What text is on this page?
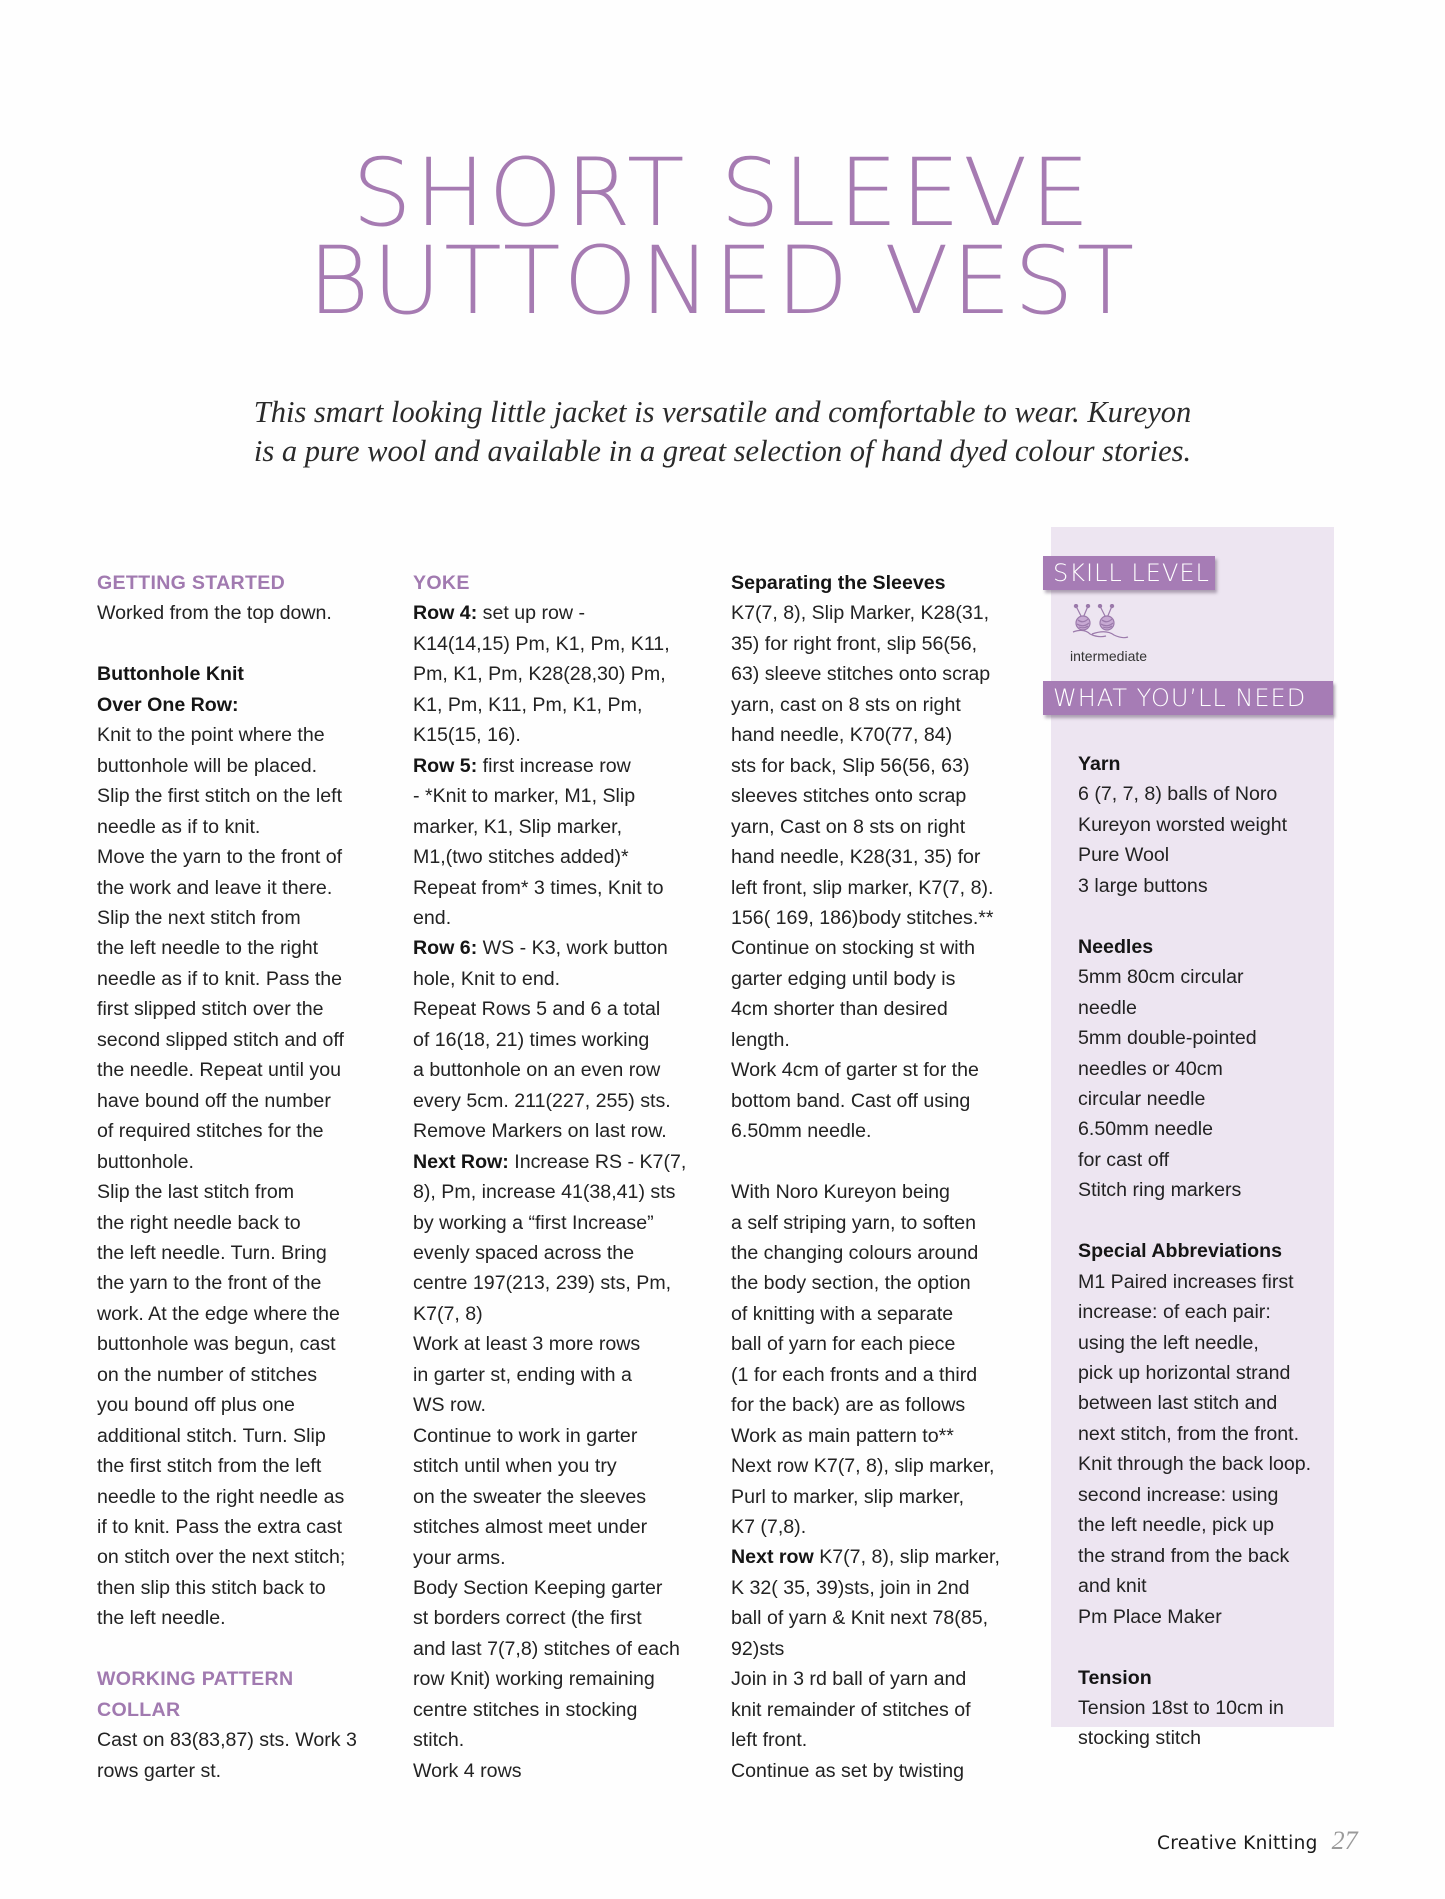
SHORT SLEEVE
BUTTONED VEST
This smart looking little jacket is versatile and comfortable to wear. Kureyon
is a pure wool and available in a great selection of hand dyed colour stories.
GETTING STARTED
Worked from the top down.
Buttonhole Knit
Over One Row:
Knit to the point where the
buttonhole will be placed.
Slip the first stitch on the left
needle as if to knit.
Move the yarn to the front of
the work and leave it there.
Slip the next stitch from
the left needle to the right
needle as if to knit. Pass the
first slipped stitch over the
second slipped stitch and off
the needle. Repeat until you
have bound off the number
of required stitches for the
buttonhole.
Slip the last stitch from
the right needle back to
the left needle. Turn. Bring
the yarn to the front of the
work. At the edge where the
buttonhole was begun, cast
on the number of stitches
you bound off plus one
additional stitch. Turn. Slip
the first stitch from the left
needle to the right needle as
if to knit. Pass the extra cast
on stitch over the next stitch;
then slip this stitch back to
the left needle.
WORKING PATTERN
COLLAR
Cast on 83(83,87) sts. Work 3
rows garter st.
YOKE
Row 4: set up row -
K14(14,15) Pm, K1, Pm, K11,
Pm, K1, Pm, K28(28,30) Pm,
K1, Pm, K11, Pm, K1, Pm,
K15(15, 16).
Row 5: first increase row
- *Knit to marker, M1, Slip
marker, K1, Slip marker,
M1,(two stitches added)*
Repeat from* 3 times, Knit to
end.
Row 6: WS - K3, work button
hole, Knit to end.
Repeat Rows 5 and 6 a total
of 16(18, 21) times working
a buttonhole on an even row
every 5cm. 211(227, 255) sts.
Remove Markers on last row.
Next Row: Increase RS - K7(7,
8), Pm, increase 41(38,41) sts
by working a “first Increase”
evenly spaced across the
centre 197(213, 239) sts, Pm,
K7(7, 8)
Work at least 3 more rows
in garter st, ending with a
WS row.
Continue to work in garter
stitch until when you try
on the sweater the sleeves
stitches almost meet under
your arms.
Body Section Keeping garter
st borders correct (the first
and last 7(7,8) stitches of each
row Knit) working remaining
centre stitches in stocking
stitch.
Work 4 rows
Separating the Sleeves
K7(7, 8), Slip Marker, K28(31,
35) for right front, slip 56(56,
63) sleeve stitches onto scrap
yarn, cast on 8 sts on right
hand needle, K70(77, 84)
sts for back, Slip 56(56, 63)
sleeves stitches onto scrap
yarn, Cast on 8 sts on right
hand needle, K28(31, 35) for
left front, slip marker, K7(7, 8).
156( 169, 186)body stitches.**
Continue on stocking st with
garter edging until body is
4cm shorter than desired
length.
Work 4cm of garter st for the
bottom band. Cast off using
6.50mm needle.
With Noro Kureyon being
a self striping yarn, to soften
the changing colours around
the body section, the option
of knitting with a separate
ball of yarn for each piece
(1 for each fronts and a third
for the back) are as follows
Work as main pattern to**
Next row K7(7, 8), slip marker,
Purl to marker, slip marker,
K7 (7,8).
Next row K7(7, 8), slip marker,
K 32( 35, 39)sts, join in 2nd
ball of yarn & Knit next 78(85,
92)sts
Join in 3 rd ball of yarn and
knit remainder of stitches of
left front.
Continue as set by twisting
SKILL LEVEL
intermediate
WHAT YOU’LL NEED
Yarn
6 (7, 7, 8) balls of Noro
Kureyon worsted weight
Pure Wool
3 large buttons
Needles
5mm 80cm circular
needle
5mm double-pointed
needles or 40cm
circular needle
6.50mm needle
for cast off
Stitch ring markers
Special Abbreviations
M1 Paired increases first
increase: of each pair:
using the left needle,
pick up horizontal strand
between last stitch and
next stitch, from the front.
Knit through the back loop.
second increase: using
the left needle, pick up
the strand from the back
and knit
Pm Place Maker
Tension
Tension 18st to 10cm in
stocking stitch
Creative Knitting 27
